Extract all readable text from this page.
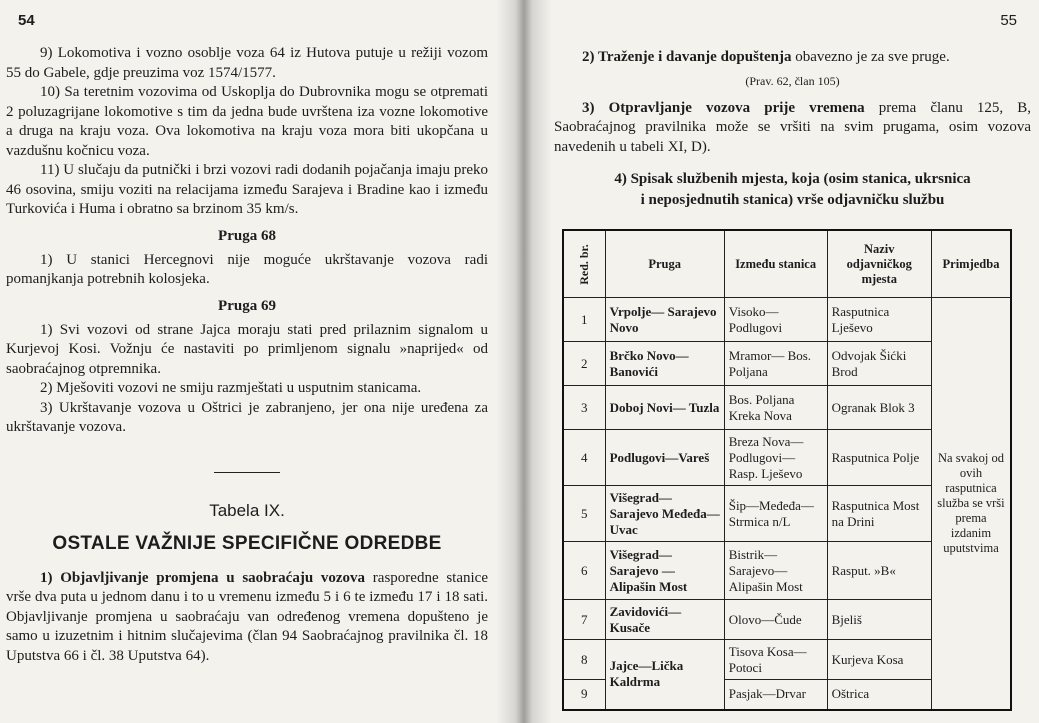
54

9) Lokomotiva i vozno osoblje voza 64 iz Hutova putuje u režiji vozom 55 do Gabele, gdje preuzima voz 1574/1577.

10) Sa teretnim vozovima od Uskoplja do Dubrovnika mogu se otpremati 2 poluzagrijane lokomotive s tim da jedna bude uvrštena iza vozne lokomotive a druga na kraju voza. Ova lokomotiva na kraju voza mora biti ukopčana u vazdušnu kočnicu voza.

11) U slučaju da putnički i brzi vozovi radi dodanih pojačanja imaju preko 46 osovina, smiju voziti na relacijama između Sarajeva i Bradine kao i između Turkovića i Huma i obratno sa brzinom 35 km/s.

Pruga 68

1) U stanici Hercegnovi nije moguće ukrštavanje vozova radi pomanjkanja potrebnih kolosjeka.

Pruga 69

1) Svi vozovi od strane Jajca moraju stati pred prilaznim signalom u Kurjevoj Kosi. Vožnju će nastaviti po primljenom signalu »naprijed« od saobraćajnog otpremnika.

2) Mješoviti vozovi ne smiju razmještati u usputnim stanicama.

3) Ukrštavanje vozova u Oštrici je zabranjeno, jer ona nije uređena za ukrštavanje vozova.

Tabela IX.
OSTALE VAŽNIJE SPECIFIČNE ODREDBE

1) Objavljivanje promjena u saobraćaju vozova rasporedne stanice vrše dva puta u jednom danu i to u vremenu između 5 i 6 te između 17 i 18 sati. Objavljivanje promjena u saobraćaju van određenog vremena dopušteno je samo u izuzetnim i hitnim slučajevima (član 94 Saobraćajnog pravilnika čl. 18 Uputstva 66 i čl. 38 Uputstva 64).

55

2) Traženje i davanje dopuštenja obavezno je za sve pruge.

(Prav. 62, član 105)

3) Otpravljanje vozova prije vremena prema članu 125, B, Saobraćajnog pravilnika može se vršiti na svim prugama, osim vozova navedenih u tabeli XI, D).

4) Spisak službenih mjesta, koja (osim stanica, ukrsnica
i neposjednutih stanica) vrše odjavničku službu
Red. br.	Pruga	Između stanica	Naziv odjavničkog mjesta	Primjedba
1	Vrpolje— Sarajevo Novo	Visoko— Podlugovi	Rasputnica Lješevo	Na svakoj od ovih rasputnica služba se vrši prema izdanim uputstvima
2	Brčko Novo— Banovići	Mramor— Bos. Poljana	Odvojak Šićki Brod	
3	Doboj Novi— Tuzla	Bos. Poljana Kreka Nova	Ogranak Blok 3	
4	Podlugovi—Vareš	Breza Nova— Podlugovi— Rasp. Lješevo	Rasputnica Polje	
5	Višegrad—Sarajevo Međeđa—Uvac	Šip—Međeđa— Strmica n/L	Rasputnica Most na Drini	
6	Višegrad—Sarajevo —Alipašin Most	Bistrik— Sarajevo— Alipašin Most	Rasput. »B«	
7	Zavidovići— Kusače	Olovo—Čude	Bjeliš	
8	Jajce—Lička Kaldrma	Tisova Kosa— Potoci	Kurjeva Kosa	
9		Pasjak—Drvar	Oštrica	
